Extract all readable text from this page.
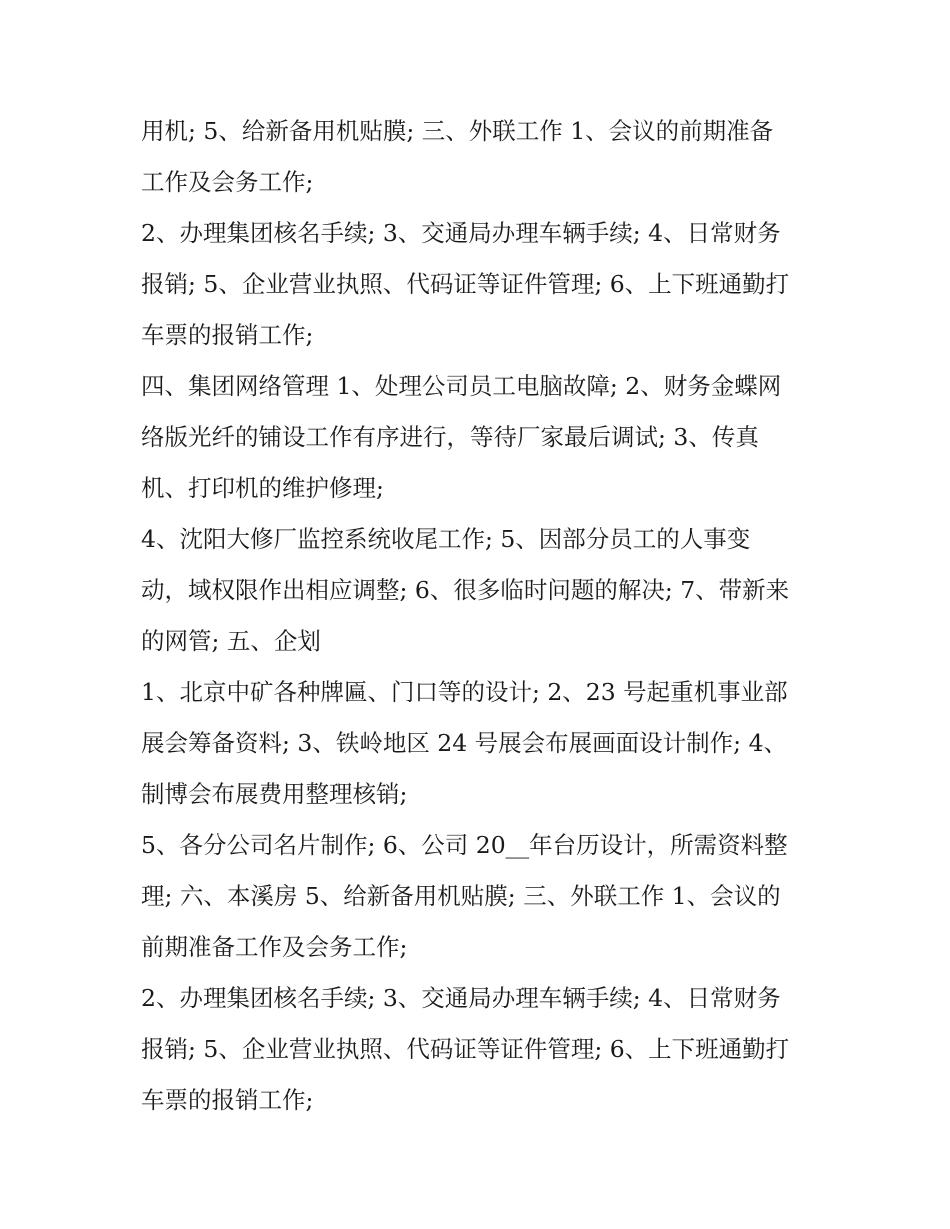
用机; 5、给新备用机贴膜; 三、外联工作 1、会议的前期准备
工作及会务工作;

2、办理集团核名手续; 3、交通局办理车辆手续; 4、日常财务
报销; 5、企业营业执照、代码证等证件管理; 6、上下班通勤打
车票的报销工作;

四、集团网络管理 1、处理公司员工电脑故障; 2、财务金蝶网
络版光纤的铺设工作有序进行，等待厂家最后调试; 3、传真
机、打印机的维护修理;

4、沈阳大修厂监控系统收尾工作; 5、因部分员工的人事变
动，域权限作出相应调整; 6、很多临时问题的解决; 7、带新来
的网管; 五、企划

1、北京中矿各种牌匾、门口等的设计; 2、23 号起重机事业部
展会筹备资料; 3、铁岭地区 24 号展会布展画面设计制作; 4、
制博会布展费用整理核销;

5、各分公司名片制作; 6、公司 20__年台历设计，所需资料整
理; 六、本溪房 5、给新备用机贴膜; 三、外联工作 1、会议的
前期准备工作及会务工作;

2、办理集团核名手续; 3、交通局办理车辆手续; 4、日常财务
报销; 5、企业营业执照、代码证等证件管理; 6、上下班通勤打
车票的报销工作;
